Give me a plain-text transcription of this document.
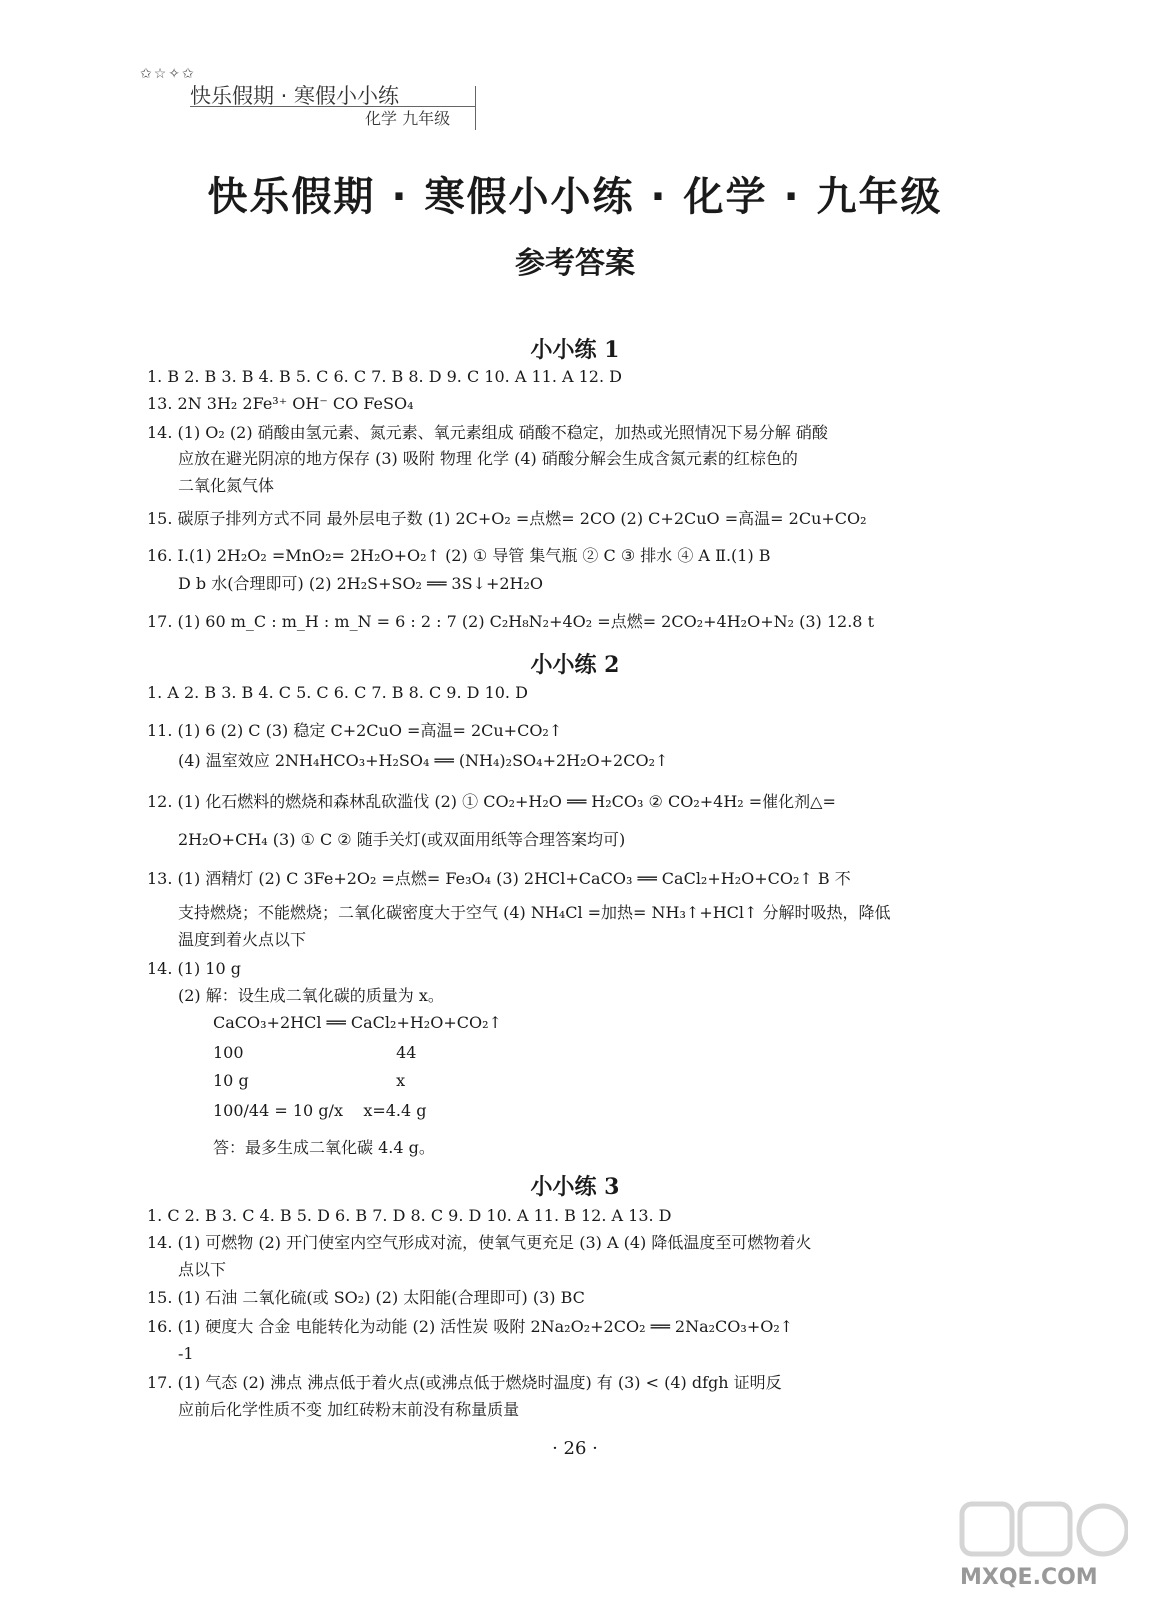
✩☆✧✩
快乐假期 · 寒假小小练
化学 九年级
快乐假期 · 寒假小小练 · 化学 · 九年级
参考答案
小小练 1
1. B 2. B 3. B 4. B 5. C 6. C 7. B 8. D 9. C 10. A 11. A 12. D
13. 2N 3H₂ 2Fe³⁺ OH⁻ CO FeSO₄
14. (1) O₂ (2) 硝酸由氢元素、氮元素、氧元素组成 硝酸不稳定，加热或光照情况下易分解 硝酸
应放在避光阴凉的地方保存 (3) 吸附 物理 化学 (4) 硝酸分解会生成含氮元素的红棕色的
二氧化氮气体
15. 碳原子排列方式不同 最外层电子数 (1) 2C+O₂ =点燃= 2CO (2) C+2CuO =高温= 2Cu+CO₂
16. Ⅰ.(1) 2H₂O₂ =MnO₂= 2H₂O+O₂↑ (2) ① 导管 集气瓶 ② C ③ 排水 ④ A Ⅱ.(1) B
D b 水(合理即可) (2) 2H₂S+SO₂ ══ 3S↓+2H₂O
17. (1) 60 m_C : m_H : m_N = 6 : 2 : 7 (2) C₂H₈N₂+4O₂ =点燃= 2CO₂+4H₂O+N₂ (3) 12.8 t
小小练 2
1. A 2. B 3. B 4. C 5. C 6. C 7. B 8. C 9. D 10. D
11. (1) 6 (2) C (3) 稳定 C+2CuO =高温= 2Cu+CO₂↑
(4) 温室效应 2NH₄HCO₃+H₂SO₄ ══ (NH₄)₂SO₄+2H₂O+2CO₂↑
12. (1) 化石燃料的燃烧和森林乱砍滥伐 (2) ① CO₂+H₂O ══ H₂CO₃ ② CO₂+4H₂ =催化剂△=
2H₂O+CH₄ (3) ① C ② 随手关灯(或双面用纸等合理答案均可)
13. (1) 酒精灯 (2) C 3Fe+2O₂ =点燃= Fe₃O₄ (3) 2HCl+CaCO₃ ══ CaCl₂+H₂O+CO₂↑ B 不
支持燃烧；不能燃烧；二氧化碳密度大于空气 (4) NH₄Cl =加热= NH₃↑+HCl↑ 分解时吸热，降低
温度到着火点以下
14. (1) 10 g
(2) 解：设生成二氧化碳的质量为 x。
CaCO₃+2HCl ══ CaCl₂+H₂O+CO₂↑
100                              44
10 g                             x
100/44 = 10 g/x    x=4.4 g
答：最多生成二氧化碳 4.4 g。
小小练 3
1. C 2. B 3. C 4. B 5. D 6. B 7. D 8. C 9. D 10. A 11. B 12. A 13. D
14. (1) 可燃物 (2) 开门使室内空气形成对流，使氧气更充足 (3) A (4) 降低温度至可燃物着火
点以下
15. (1) 石油 二氧化硫(或 SO₂) (2) 太阳能(合理即可) (3) BC
16. (1) 硬度大 合金 电能转化为动能 (2) 活性炭 吸附 2Na₂O₂+2CO₂ ══ 2Na₂CO₃+O₂↑
-1
17. (1) 气态 (2) 沸点 沸点低于着火点(或沸点低于燃烧时温度) 有 (3) < (4) dfgh 证明反
应前后化学性质不变 加红砖粉末前没有称量质量
· 26 ·
MXQE.COM
